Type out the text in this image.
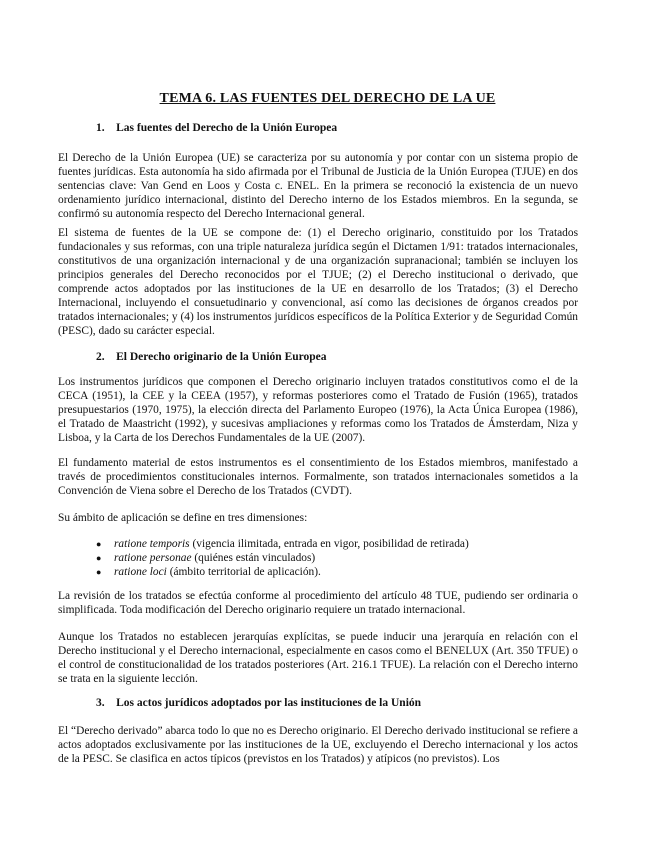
TEMA 6. LAS FUENTES DEL DERECHO DE LA UE
1. Las fuentes del Derecho de la Unión Europea

El Derecho de la Unión Europea (UE) se caracteriza por su autonomía y por contar con un sistema propio de fuentes jurídicas. Esta autonomía ha sido afirmada por el Tribunal de Justicia de la Unión Europea (TJUE) en dos sentencias clave: Van Gend en Loos y Costa c. ENEL. En la primera se reconoció la existencia de un nuevo ordenamiento jurídico internacional, distinto del Derecho interno de los Estados miembros. En la segunda, se confirmó su autonomía respecto del Derecho Internacional general.

El sistema de fuentes de la UE se compone de: (1) el Derecho originario, constituido por los Tratados fundacionales y sus reformas, con una triple naturaleza jurídica según el Dictamen 1/91: tratados internacionales, constitutivos de una organización internacional y de una organización supranacional; también se incluyen los principios generales del Derecho reconocidos por el TJUE; (2) el Derecho institucional o derivado, que comprende actos adoptados por las instituciones de la UE en desarrollo de los Tratados; (3) el Derecho Internacional, incluyendo el consuetudinario y convencional, así como las decisiones de órganos creados por tratados internacionales; y (4) los instrumentos jurídicos específicos de la Política Exterior y de Seguridad Común (PESC), dado su carácter especial.

2. El Derecho originario de la Unión Europea

Los instrumentos jurídicos que componen el Derecho originario incluyen tratados constitutivos como el de la CECA (1951), la CEE y la CEEA (1957), y reformas posteriores como el Tratado de Fusión (1965), tratados presupuestarios (1970, 1975), la elección directa del Parlamento Europeo (1976), la Acta Única Europea (1986), el Tratado de Maastricht (1992), y sucesivas ampliaciones y reformas como los Tratados de Ámsterdam, Niza y Lisboa, y la Carta de los Derechos Fundamentales de la UE (2007).

El fundamento material de estos instrumentos es el consentimiento de los Estados miembros, manifestado a través de procedimientos constitucionales internos. Formalmente, son tratados internacionales sometidos a la Convención de Viena sobre el Derecho de los Tratados (CVDT).

Su ámbito de aplicación se define en tres dimensiones:

●	ratione temporis (vigencia ilimitada, entrada en vigor, posibilidad de retirada)
●	ratione personae (quiénes están vinculados)
●	ratione loci (ámbito territorial de aplicación).

La revisión de los tratados se efectúa conforme al procedimiento del artículo 48 TUE, pudiendo ser ordinaria o simplificada. Toda modificación del Derecho originario requiere un tratado internacional.

Aunque los Tratados no establecen jerarquías explícitas, se puede inducir una jerarquía en relación con el Derecho institucional y el Derecho internacional, especialmente en casos como el BENELUX (Art. 350 TFUE) o el control de constitucionalidad de los tratados posteriores (Art. 216.1 TFUE). La relación con el Derecho interno se trata en la siguiente lección.

3. Los actos jurídicos adoptados por las instituciones de la Unión

El “Derecho derivado” abarca todo lo que no es Derecho originario. El Derecho derivado institucional se refiere a actos adoptados exclusivamente por las instituciones de la UE, excluyendo el Derecho internacional y los actos de la PESC. Se clasifica en actos típicos (previstos en los Tratados) y atípicos (no previstos). Los
